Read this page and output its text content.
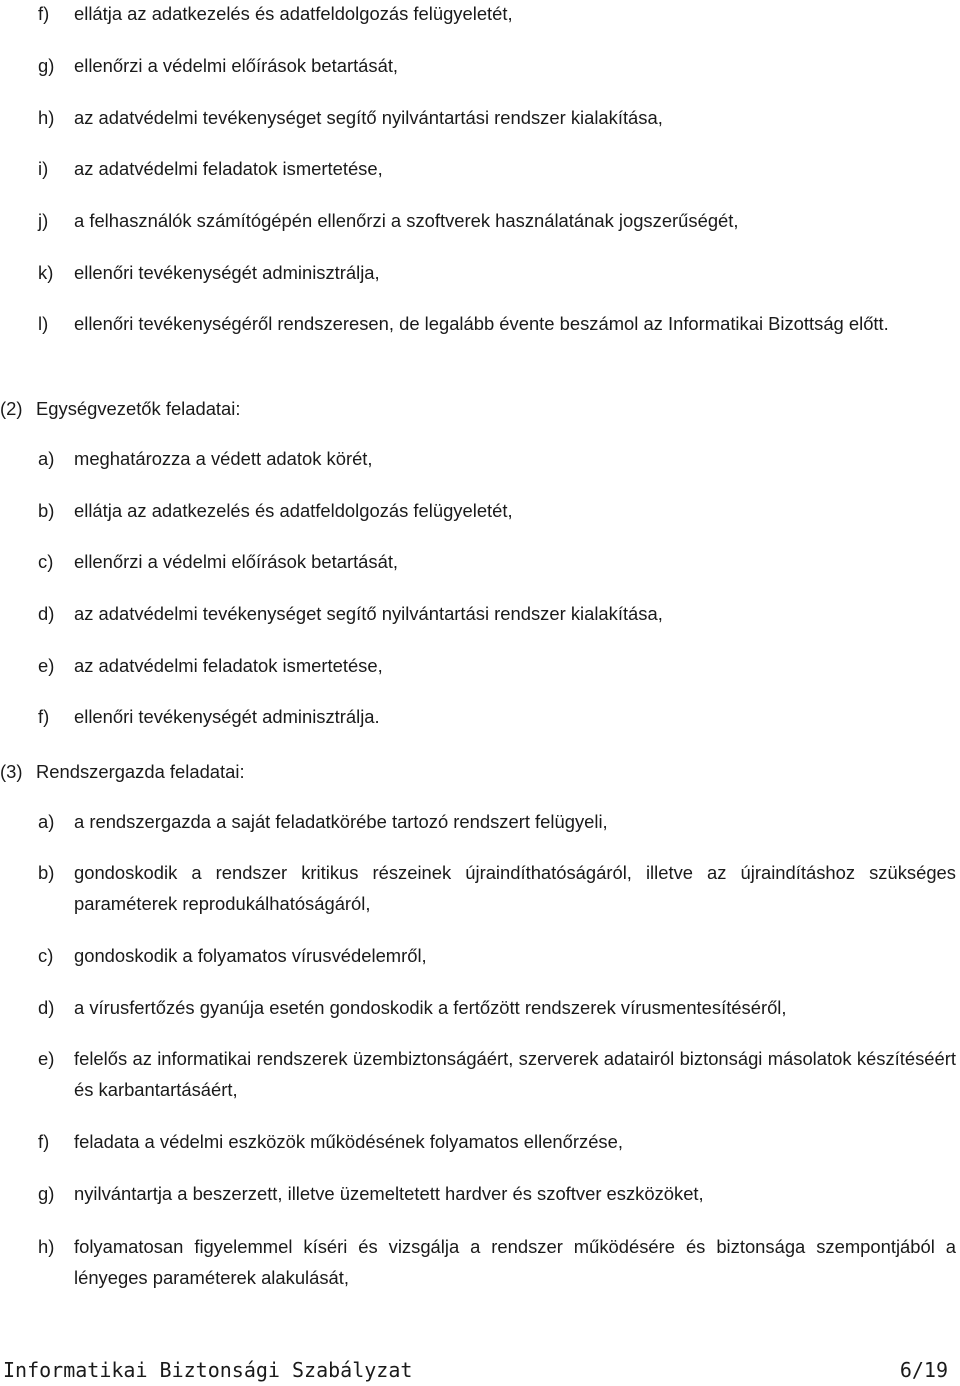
f) ellátja az adatkezelés és adatfeldolgozás felügyeletét,
g) ellenőrzi a védelmi előírások betartását,
h) az adatvédelmi tevékenységet segítő nyilvántartási rendszer kialakítása,
i) az adatvédelmi feladatok ismertetése,
j) a felhasználók számítógépén ellenőrzi a szoftverek használatának jogszerűségét,
k) ellenőri tevékenységét adminisztrálja,
l) ellenőri tevékenységéről rendszeresen, de legalább évente beszámol az Informatikai Bizottság előtt.
(2) Egységvezetők feladatai:
a) meghatározza a védett adatok körét,
b) ellátja az adatkezelés és adatfeldolgozás felügyeletét,
c) ellenőrzi a védelmi előírások betartását,
d) az adatvédelmi tevékenységet segítő nyilvántartási rendszer kialakítása,
e) az adatvédelmi feladatok ismertetése,
f) ellenőri tevékenységét adminisztrálja.
(3) Rendszergazda feladatai:
a) a rendszergazda a saját feladatkörébe tartozó rendszert felügyeli,
b) gondoskodik a rendszer kritikus részeinek újraindíthatóságáról, illetve az újraindításhoz szükséges paraméterek reprodukálhatóságáról,
c) gondoskodik a folyamatos vírusvédelemről,
d) a vírusfertőzés gyanúja esetén gondoskodik a fertőzött rendszerek vírusmentesítéséről,
e) felelős az informatikai rendszerek üzembiztonságáért, szerverek adatairól biztonsági másolatok készítéséért és karbantartásáért,
f) feladata a védelmi eszközök működésének folyamatos ellenőrzése,
g) nyilvántartja a beszerzett, illetve üzemeltetett hardver és szoftver eszközöket,
h) folyamatosan figyelemmel kíséri és vizsgálja a rendszer működésére és biztonsága szempontjából a lényeges paraméterek alakulását,
Informatikai Biztonsági Szabályzat	6/19
